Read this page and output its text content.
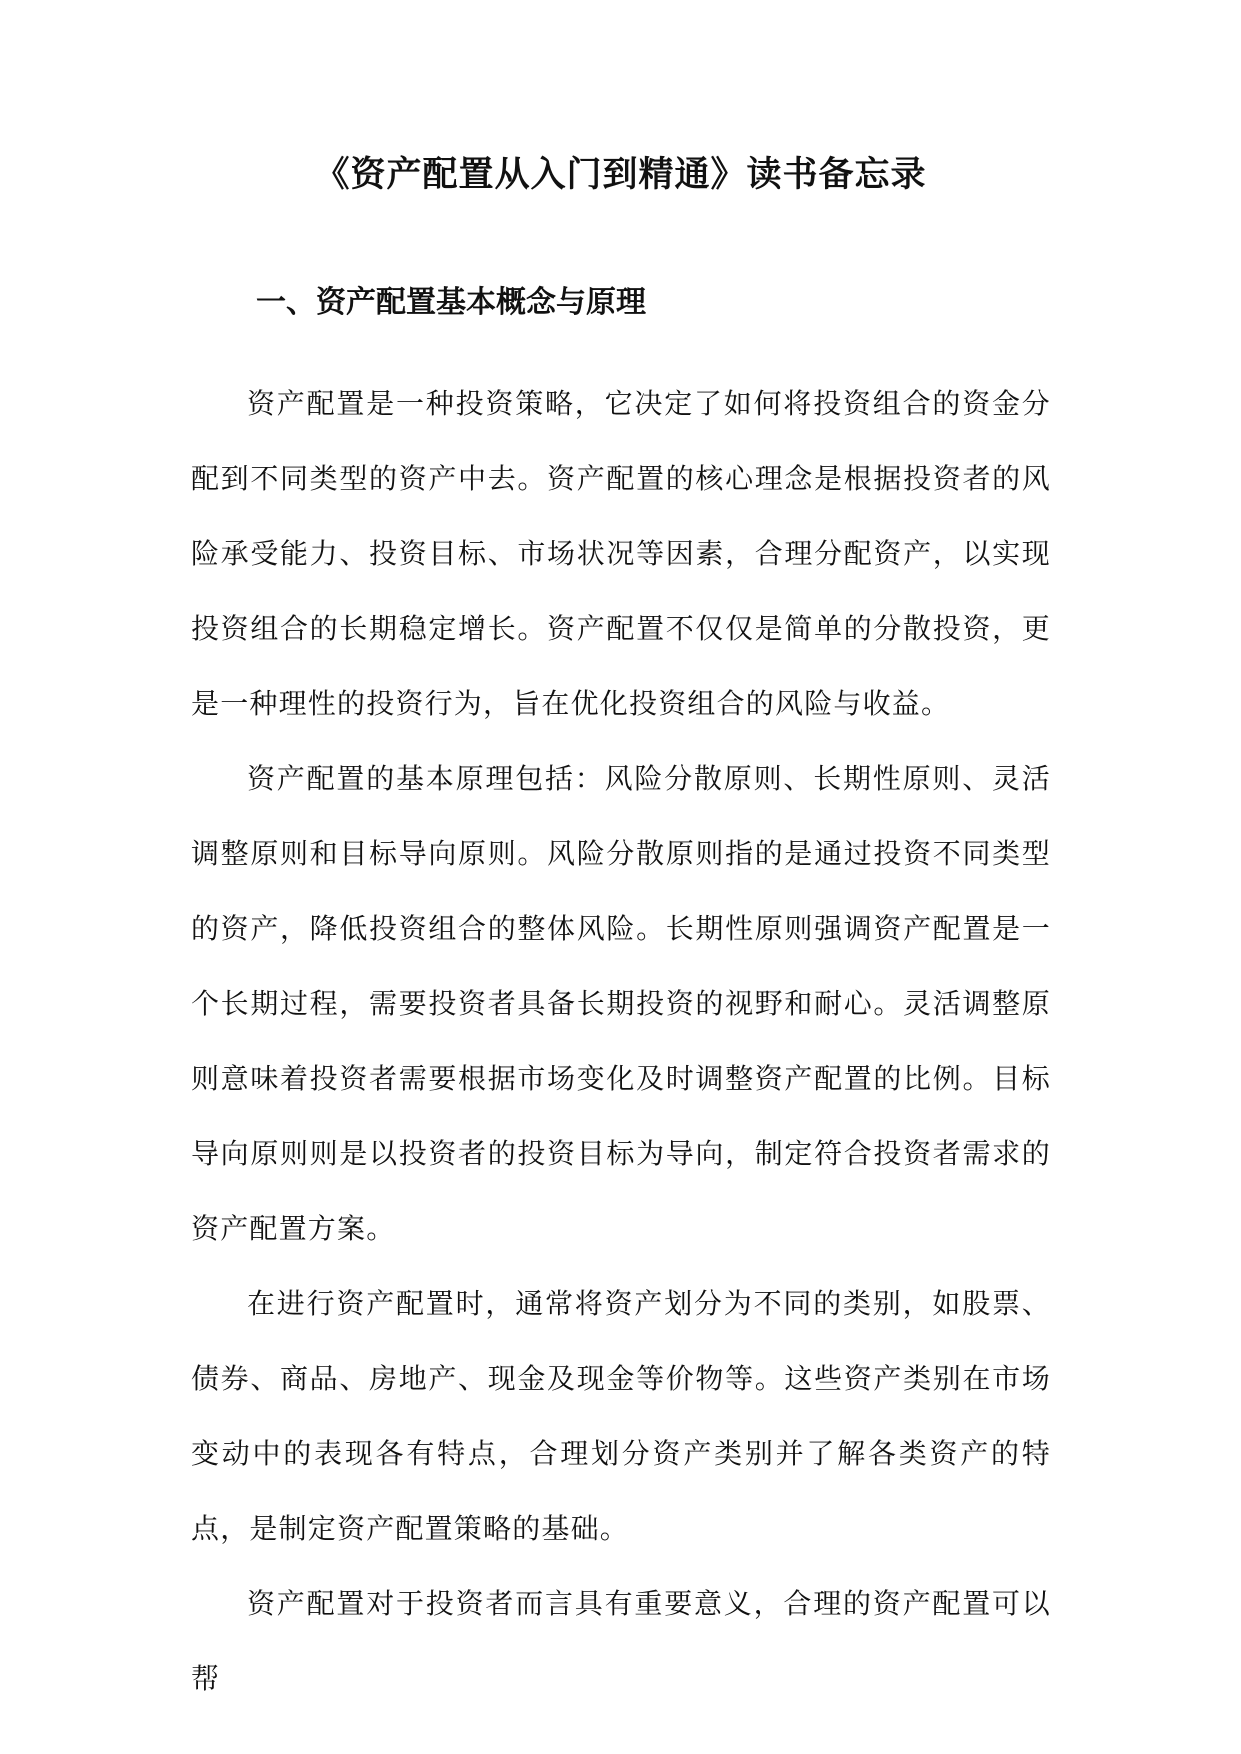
《资产配置从入门到精通》读书备忘录
一、资产配置基本概念与原理

资产配置是一种投资策略，它决定了如何将投资组合的资金分配到不同类型的资产中去。资产配置的核心理念是根据投资者的风险承受能力、投资目标、市场状况等因素，合理分配资产，以实现投资组合的长期稳定增长。资产配置不仅仅是简单的分散投资，更是一种理性的投资行为，旨在优化投资组合的风险与收益。

资产配置的基本原理包括：风险分散原则、长期性原则、灵活调整原则和目标导向原则。风险分散原则指的是通过投资不同类型的资产，降低投资组合的整体风险。长期性原则强调资产配置是一个长期过程，需要投资者具备长期投资的视野和耐心。灵活调整原则意味着投资者需要根据市场变化及时调整资产配置的比例。目标导向原则则是以投资者的投资目标为导向，制定符合投资者需求的资产配置方案。

在进行资产配置时，通常将资产划分为不同的类别，如股票、债券、商品、房地产、现金及现金等价物等。这些资产类别在市场变动中的表现各有特点，合理划分资产类别并了解各类资产的特点，是制定资产配置策略的基础。

资产配置对于投资者而言具有重要意义，合理的资产配置可以帮
